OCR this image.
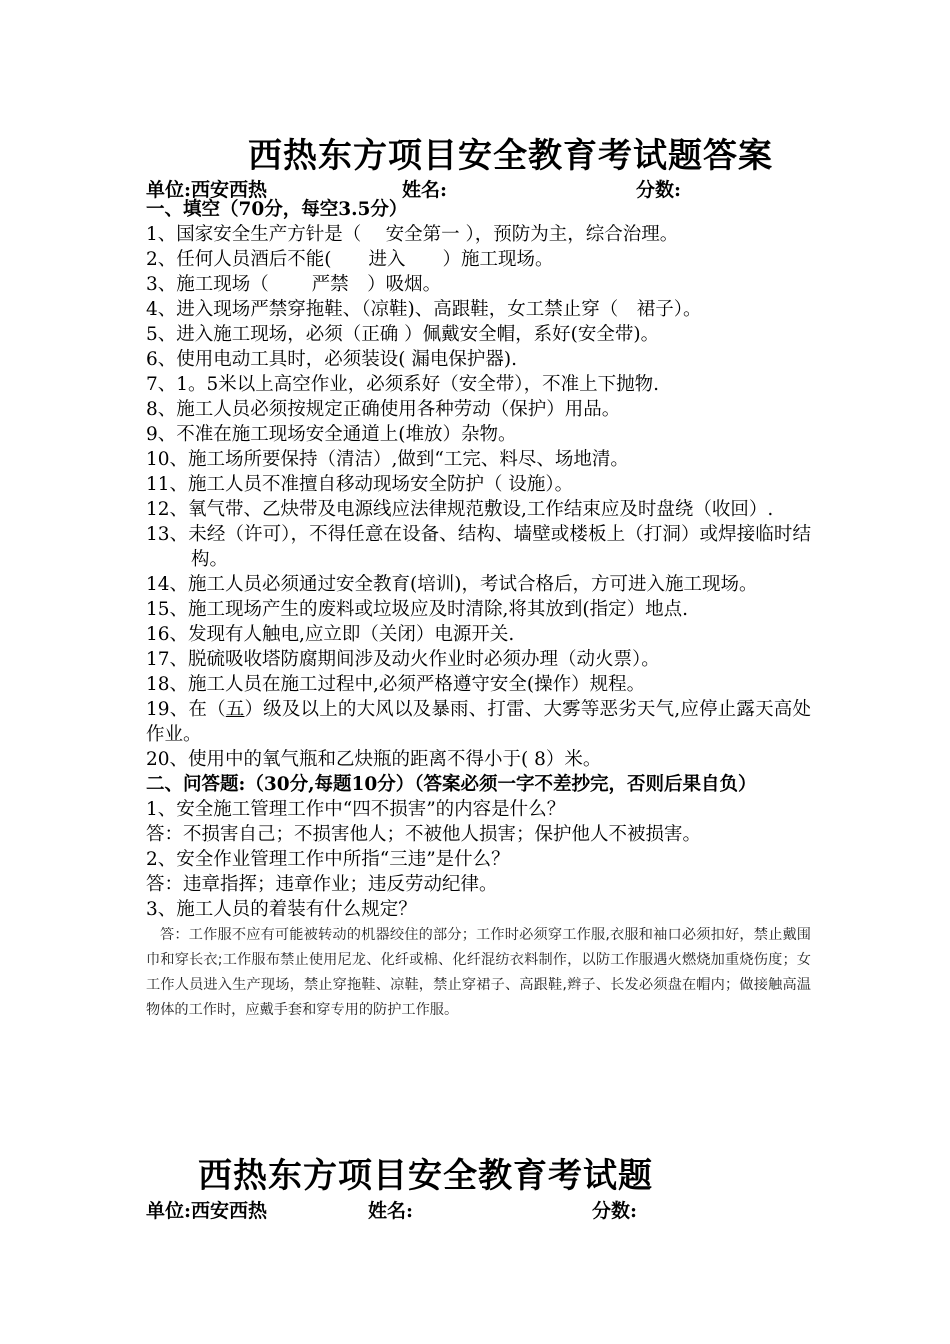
西热东方项目安全教育考试题答案
单位:西安西热	姓名:	分数:
一、填空（70分，每空3.5分）
1、国家安全生产方针是（　 安全第一 ），预防为主，综合治理。
2、任何人员酒后不能(　　进入　　）施工现场。
3、施工现场（　　 严禁　）吸烟。
4、进入现场严禁穿拖鞋、（凉鞋)、高跟鞋，女工禁止穿（　裙子）。
5、进入施工现场，必须（正确 ）佩戴安全帽，系好(安全带)。
6、使用电动工具时，必须装设( 漏电保护器).
7、1。5米以上高空作业，必须系好（安全带），不准上下抛物.
8、施工人员必须按规定正确使用各种劳动（保护）用品。
9、不准在施工现场安全通道上(堆放）杂物。
10、施工场所要保持（清洁）,做到“工完、料尽、场地清。
11、施工人员不准擅自移动现场安全防护（ 设施）。
12、氧气带、乙炔带及电源线应法律规范敷设,工作结束应及时盘绕（收回）.
13、未经（许可），不得任意在设备、结构、墙壁或楼板上（打洞）或焊接临时结构。
14、施工人员必须通过安全教育(培训)，考试合格后，方可进入施工现场。
15、施工现场产生的废料或垃圾应及时清除,将其放到(指定）地点.
16、发现有人触电,应立即（关闭）电源开关.
17、脱硫吸收塔防腐期间涉及动火作业时必须办理（动火票）。
18、施工人员在施工过程中,必须严格遵守安全(操作）规程。
19、在（五）级及以上的大风以及暴雨、打雷、大雾等恶劣天气,应停止露天高处作业。
20、使用中的氧气瓶和乙炔瓶的距离不得小于( 8）米。
二、问答题:（30分,每题10分）（答案必须一字不差抄完，否则后果自负）
1、安全施工管理工作中“四不损害”的内容是什么？
答：不损害自己；不损害他人；不被他人损害；保护他人不被损害。
2、安全作业管理工作中所指“三违”是什么？
答：违章指挥；违章作业；违反劳动纪律。
3、施工人员的着装有什么规定？
答：工作服不应有可能被转动的机器绞住的部分；工作时必须穿工作服,衣服和袖口必须扣好，禁止戴围巾和穿长衣;工作服布禁止使用尼龙、化纤或棉、化纤混纺衣料制作，以防工作服遇火燃烧加重烧伤度；女工作人员进入生产现场，禁止穿拖鞋、凉鞋，禁止穿裙子、高跟鞋,辫子、长发必须盘在帽内；做接触高温物体的工作时，应戴手套和穿专用的防护工作服。
西热东方项目安全教育考试题
单位:西安西热	姓名:	分数:
